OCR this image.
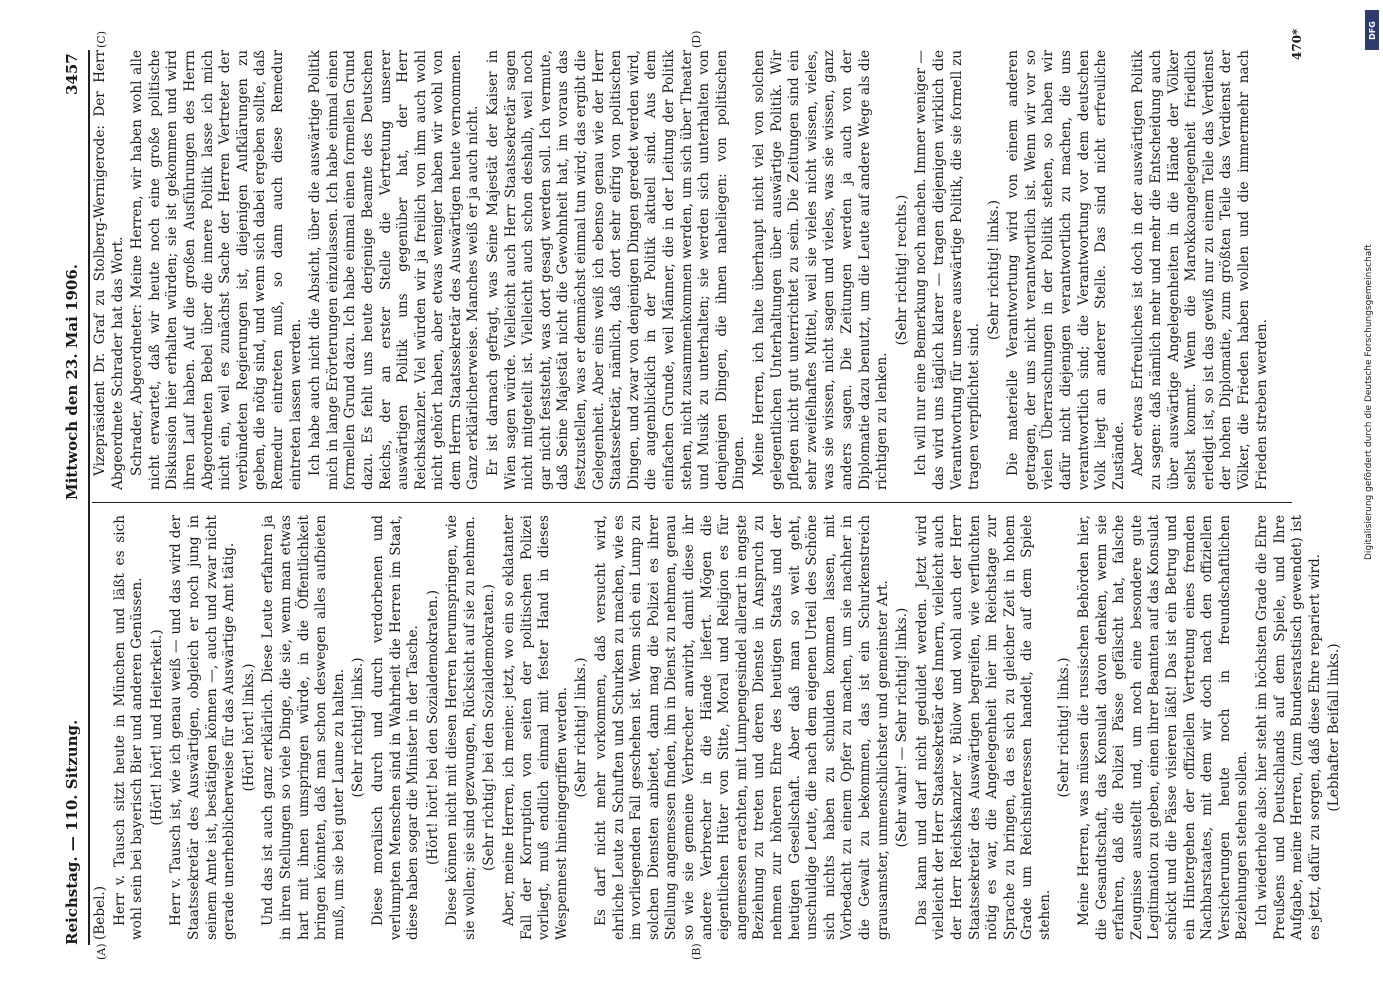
Reichstag. — 110. Sitzung.
Mittwoch den 23. Mai 1906.
3457

(Bebel.) Herr v. Tausch sitzt heute in München und läßt es sich wohl sein bei bayerisch Bier und anderen Genüssen. (Hört! hört! und Heiterkeit.) Herr v. Tausch ist, wie ich genau weiß — und das wird der Staatssekretär des Auswärtigen, obgleich er noch jung in seinem Amte ist, bestätigen können —, auch und zwar nicht gerade unerheblicherweise für das Auswärtige Amt tätig. (Hört! hört! links.) Und das ist auch ganz erklärlich. Diese Leute erfahren ja in ihren Stellungen so viele Dinge, die sie, wenn man etwas hart mit ihnen umspringen würde, in die Öffentlichkeit bringen könnten, daß man schon deswegen alles aufbieten muß, um sie bei guter Laune zu halten. (Sehr richtig! links.) Diese moralisch durch und durch verdorbenen und verlumpten Menschen sind in Wahrheit die Herren im Staat, diese haben sogar die Minister in der Tasche. (Hört! hört! bei den Sozialdemokraten.) Diese können nicht mit diesen Herren herumspringen, wie sie wollen; sie sind gezwungen, Rücksicht auf sie zu nehmen. (Sehr richtig! bei den Sozialdemokraten.) Aber, meine Herren, ich meine: jetzt, wo ein so eklatanter Fall der Korruption von seiten der politischen Polizei vorliegt, muß endlich einmal mit fester Hand in dieses Wespennest hineingegriffen werden. (Sehr richtig! links.) Es darf nicht mehr vorkommen, daß versucht wird, ehrliche Leute zu Schuften und Schurken zu machen, wie es im vorliegenden Fall geschehen ist. Wenn sich ein Lump zu solchen Diensten anbietet, dann mag die Polizei es ihrer Stellung angemessen finden, ihn in Dienst zu nehmen, genau so wie sie gemeine Verbrecher anwirbt, damit diese ihr andere Verbrecher in die Hände liefert. Mögen die eigentlichen Hüter von Sitte, Moral und Religion es für angemessen erachten, mit Lumpengesindel allerart in engste Beziehung zu treten und deren Dienste in Anspruch zu nehmen zur höheren Ehre des heutigen Staats und der heutigen Gesellschaft. Aber daß man so weit geht, unschuldige Leute, die nach dem eigenen Urteil des Schöne sich nichts haben zu schulden kommen lassen, mit Vorbedacht zu einem Opfer zu machen, um sie nachher in die Gewalt zu bekommen, das ist ein Schurkenstreich grausamster, unmenschlichster und gemeinster Art. (Sehr wahr! — Sehr richtig! links.) Das kann und darf nicht geduldet werden. Jetzt wird vielleicht der Herr Staatssekretär des Innern, vielleicht auch der Herr Reichskanzler v. Bülow und wohl auch der Herr Staatssekretär des Auswärtigen begreifen, wie verfluchten nötig es war, die Angelegenheit hier im Reichstage zur Sprache zu bringen, da es sich zu gleicher Zeit in hohem Grade um Reichsinteressen handelt, die auf dem Spiele stehen.

(Sehr richtig! links.) Meine Herren, was müssen die russischen Behörden hier, die Gesandtschaft, das Konsulat davon denken, wenn sie erfahren, daß die Polizei Pässe gefälscht hat, falsche Zeugnisse ausstellt und, um noch eine besondere gute Legitimation zu geben, einen ihrer Beamten auf das Konsulat schickt und die Pässe visieren läßt! Das ist ein Betrug und ein Hintergehen der offiziellen Vertretung eines fremden Nachbarstaates, mit dem wir doch nach den offiziellen Versicherungen heute noch in freundschaftlichen Beziehungen stehen sollen. Ich wiederhole also: hier steht im höchsten Grade die Ehre Preußens und Deutschlands auf dem Spiele, und Ihre Aufgabe, meine Herren, (zum Bundesratstisch gewendet) ist es jetzt, dafür zu sorgen, daß diese Ehre repariert wird. (Lebhafter Beifall links.)

Vizepräsident Dr. Graf zu Stolberg-Wernigerode: Der Herr Abgeordnete Schrader hat das Wort. Schrader, Abgeordneter: Meine Herren, wir haben wohl alle nicht erwartet, daß wir heute noch eine große politische Diskussion hier erhalten würden; sie ist gekommen und wird ihren Lauf haben. Auf die großen Ausführungen des Herrn Abgeordneten Bebel über die innere Politik lasse ich mich nicht ein, weil es zunächst Sache der Herren Vertreter der verbündeten Regierungen ist, diejenigen Aufklärungen zu geben, die nötig sind, und wenn sich dabei ergeben sollte, daß Remedur eintreten muß, so dann auch diese Remedur eintreten lassen werden. Ich habe auch nicht die Absicht, über die auswärtige Politik mich in lange Erörterungen einzulassen. Ich habe einmal einen formellen Grund dazu. Ich habe einmal einen formellen Grund dazu. Es fehlt uns heute derjenige Beamte des Deutschen Reichs, der an erster Stelle die Vertretung unserer auswärtigen Politik uns gegenüber hat, der Herr Reichskanzler. Viel würden wir ja freilich von ihm auch wohl nicht gehört haben, aber etwas weniger haben wir wohl von dem Herrn Staatssekretär des Auswärtigen heute vernommen. Ganz erklärlicherweise. Manches weiß er ja auch nicht. Er ist darnach gefragt, was Seine Majestät der Kaiser in Wien sagen würde. Vielleicht auch Herr Staatssekretär sagen nicht mitgeteilt ist. Vielleicht auch schon deshalb, weil noch gar nicht feststeht, was dort gesagt werden soll. Ich vermute, daß Seine Majestät nicht die Gewohnheit hat, im voraus das festzustellen, was er demnächst einmal tun wird; das ergibt die Gelegenheit. Aber eins weiß ich ebenso genau wie der Herr Staatssekretär, nämlich, daß dort sehr eifrig von politischen Dingen, und zwar von denjenigen Dingen geredet werden wird, die augenblicklich in der Politik aktuell sind. Aus dem einfachen Grunde, weil Männer, die in der Leitung der Politik stehen, nicht zusammenkommen werden, um sich über Theater und Musik zu unterhalten; sie werden sich unterhalten von denjenigen Dingen, die ihnen naheliegen: von politischen Dingen. Meine Herren, ich halte überhaupt nicht viel von solchen gelegentlichen Unterhaltungen über auswärtige Politik. Wir pflegen nicht gut unterrichtet zu sein. Die Zeitungen sind ein sehr zweifelhaftes Mittel, weil sie vieles nicht wissen, vieles, was sie wissen, nicht sagen und vieles, was sie wissen, ganz anders sagen. Die Zeitungen werden ja auch von der Diplomatie dazu benutzt, um die Leute auf andere Wege als die richtigen zu lenken.

(Sehr richtig! rechts.) Ich will nur eine Bemerkung noch machen. Immer weniger — das wird uns täglich klarer — tragen diejenigen wirklich die Verantwortung für unsere auswärtige Politik, die sie formell zu tragen verpflichtet sind.

(Sehr richtig! links.) Die materielle Verantwortung wird von einem anderen getragen, der uns nicht verantwortlich ist. Wenn wir vor so vielen Überraschungen in der Politik stehen, so haben wir dafür nicht diejenigen verantwortlich zu machen, die uns verantwortlich sind; die Verantwortung vor dem deutschen Volk liegt an anderer Stelle. Das sind nicht erfreuliche Zustände. Aber etwas Erfreuliches ist doch in der auswärtigen Politik zu sagen: daß nämlich mehr und mehr die Entscheidung auch über auswärtige Angelegenheiten in die Hände der Völker selbst kommt. Wenn die Marokkoangelegenheit friedlich erledigt ist, so ist das gewiß nur zu einem Teile das Verdienst der hohen Diplomatie, zum größten Teile das Verdienst der Völker, die Frieden haben wollen und die immermehr nach Frieden streben werden.

(A)	(B)
(C)	(D)	470*
Digitalisierung gefördert durch die Deutsche Forschungsgemeinschaft
DFG
